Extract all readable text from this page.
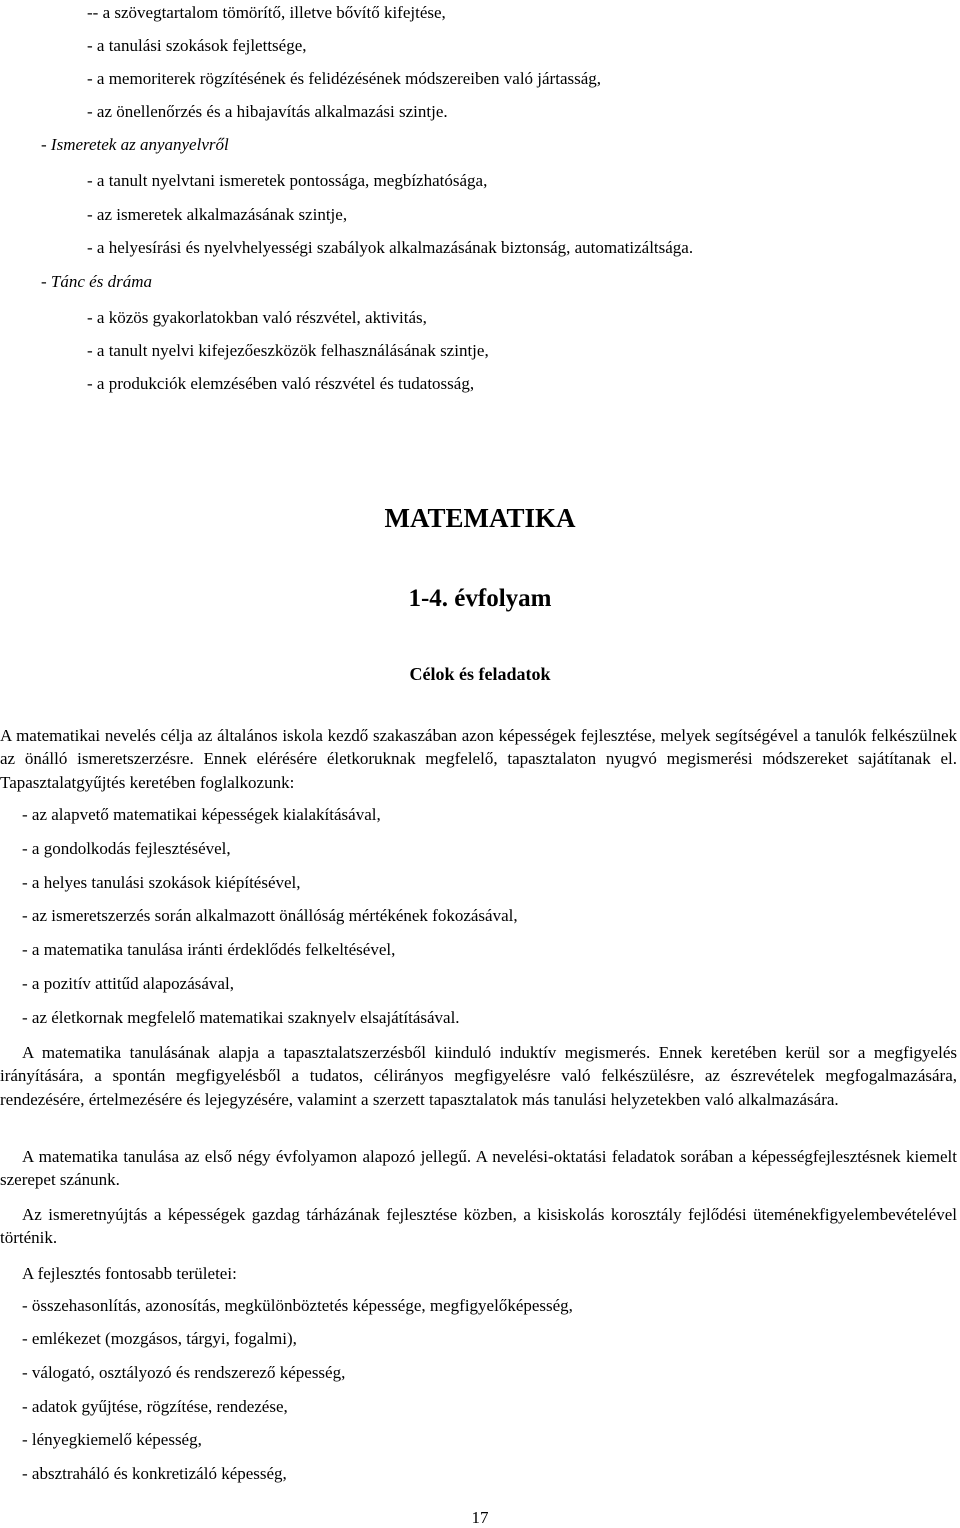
-- a szövegtartalom tömörítő, illetve bővítő kifejtése,
- a tanulási szokások fejlettsége,
- a memoriterek rögzítésének és felidézésének módszereiben való jártasság,
- az önellenőrzés és a hibajavítás alkalmazási szintje.
- Ismeretek az anyanyelvről
- a tanult nyelvtani ismeretek pontossága, megbízhatósága,
- az ismeretek alkalmazásának szintje,
- a helyesírási és nyelvhelyességi szabályok alkalmazásának biztonság, automatizáltsága.
- Tánc és dráma
- a közös gyakorlatokban való részvétel, aktivitás,
- a tanult nyelvi kifejezőeszközök felhasználásának szintje,
- a produkciók elemzésében való részvétel és tudatosság,
MATEMATIKA
1-4. évfolyam
Célok és feladatok
A matematikai nevelés célja az általános iskola kezdő szakaszában azon képességek fejlesztése, melyek segítségével a tanulók felkészülnek az önálló ismeretszerzésre. Ennek elérésére életkoruknak megfelelő, tapasztalaton nyugvó megismerési módszereket sajátítanak el. Tapasztalatgyűjtés keretében foglalkozunk:
- az alapvető matematikai képességek kialakításával,
- a gondolkodás fejlesztésével,
- a helyes tanulási szokások kiépítésével,
- az ismeretszerzés során alkalmazott önállóság mértékének fokozásával,
- a matematika tanulása iránti érdeklődés felkeltésével,
- a pozitív attitűd alapozásával,
- az életkornak megfelelő matematikai szaknyelv elsajátításával.
A matematika tanulásának alapja a tapasztalatszerzésből kiinduló induktív megismerés. Ennek keretében kerül sor a megfigyelés irányítására, a spontán megfigyelésből a tudatos, célirányos megfigyelésre való felkészülésre, az észrevételek megfogalmazására, rendezésére, értelmezésére és lejegyzésére, valamint a szerzett tapasztalatok más tanulási helyzetekben való alkalmazására.
A matematika tanulása az első négy évfolyamon alapozó jellegű. A nevelési-oktatási feladatok sorában a képességfejlesztésnek kiemelt szerepet szánunk.
Az ismeretnyújtás a képességek gazdag tárházának fejlesztése közben, a kisiskolás korosztály fejlődési üteménekfigyelembevételével történik.
A fejlesztés fontosabb területei:
- összehasonlítás, azonosítás, megkülönböztetés képessége, megfigyelőképesség,
- emlékezet (mozgásos, tárgyi, fogalmi),
- válogató, osztályozó és rendszerező képesség,
- adatok gyűjtése, rögzítése, rendezése,
- lényegkiemelő képesség,
- absztraháló és konkretizáló képesség,
17
